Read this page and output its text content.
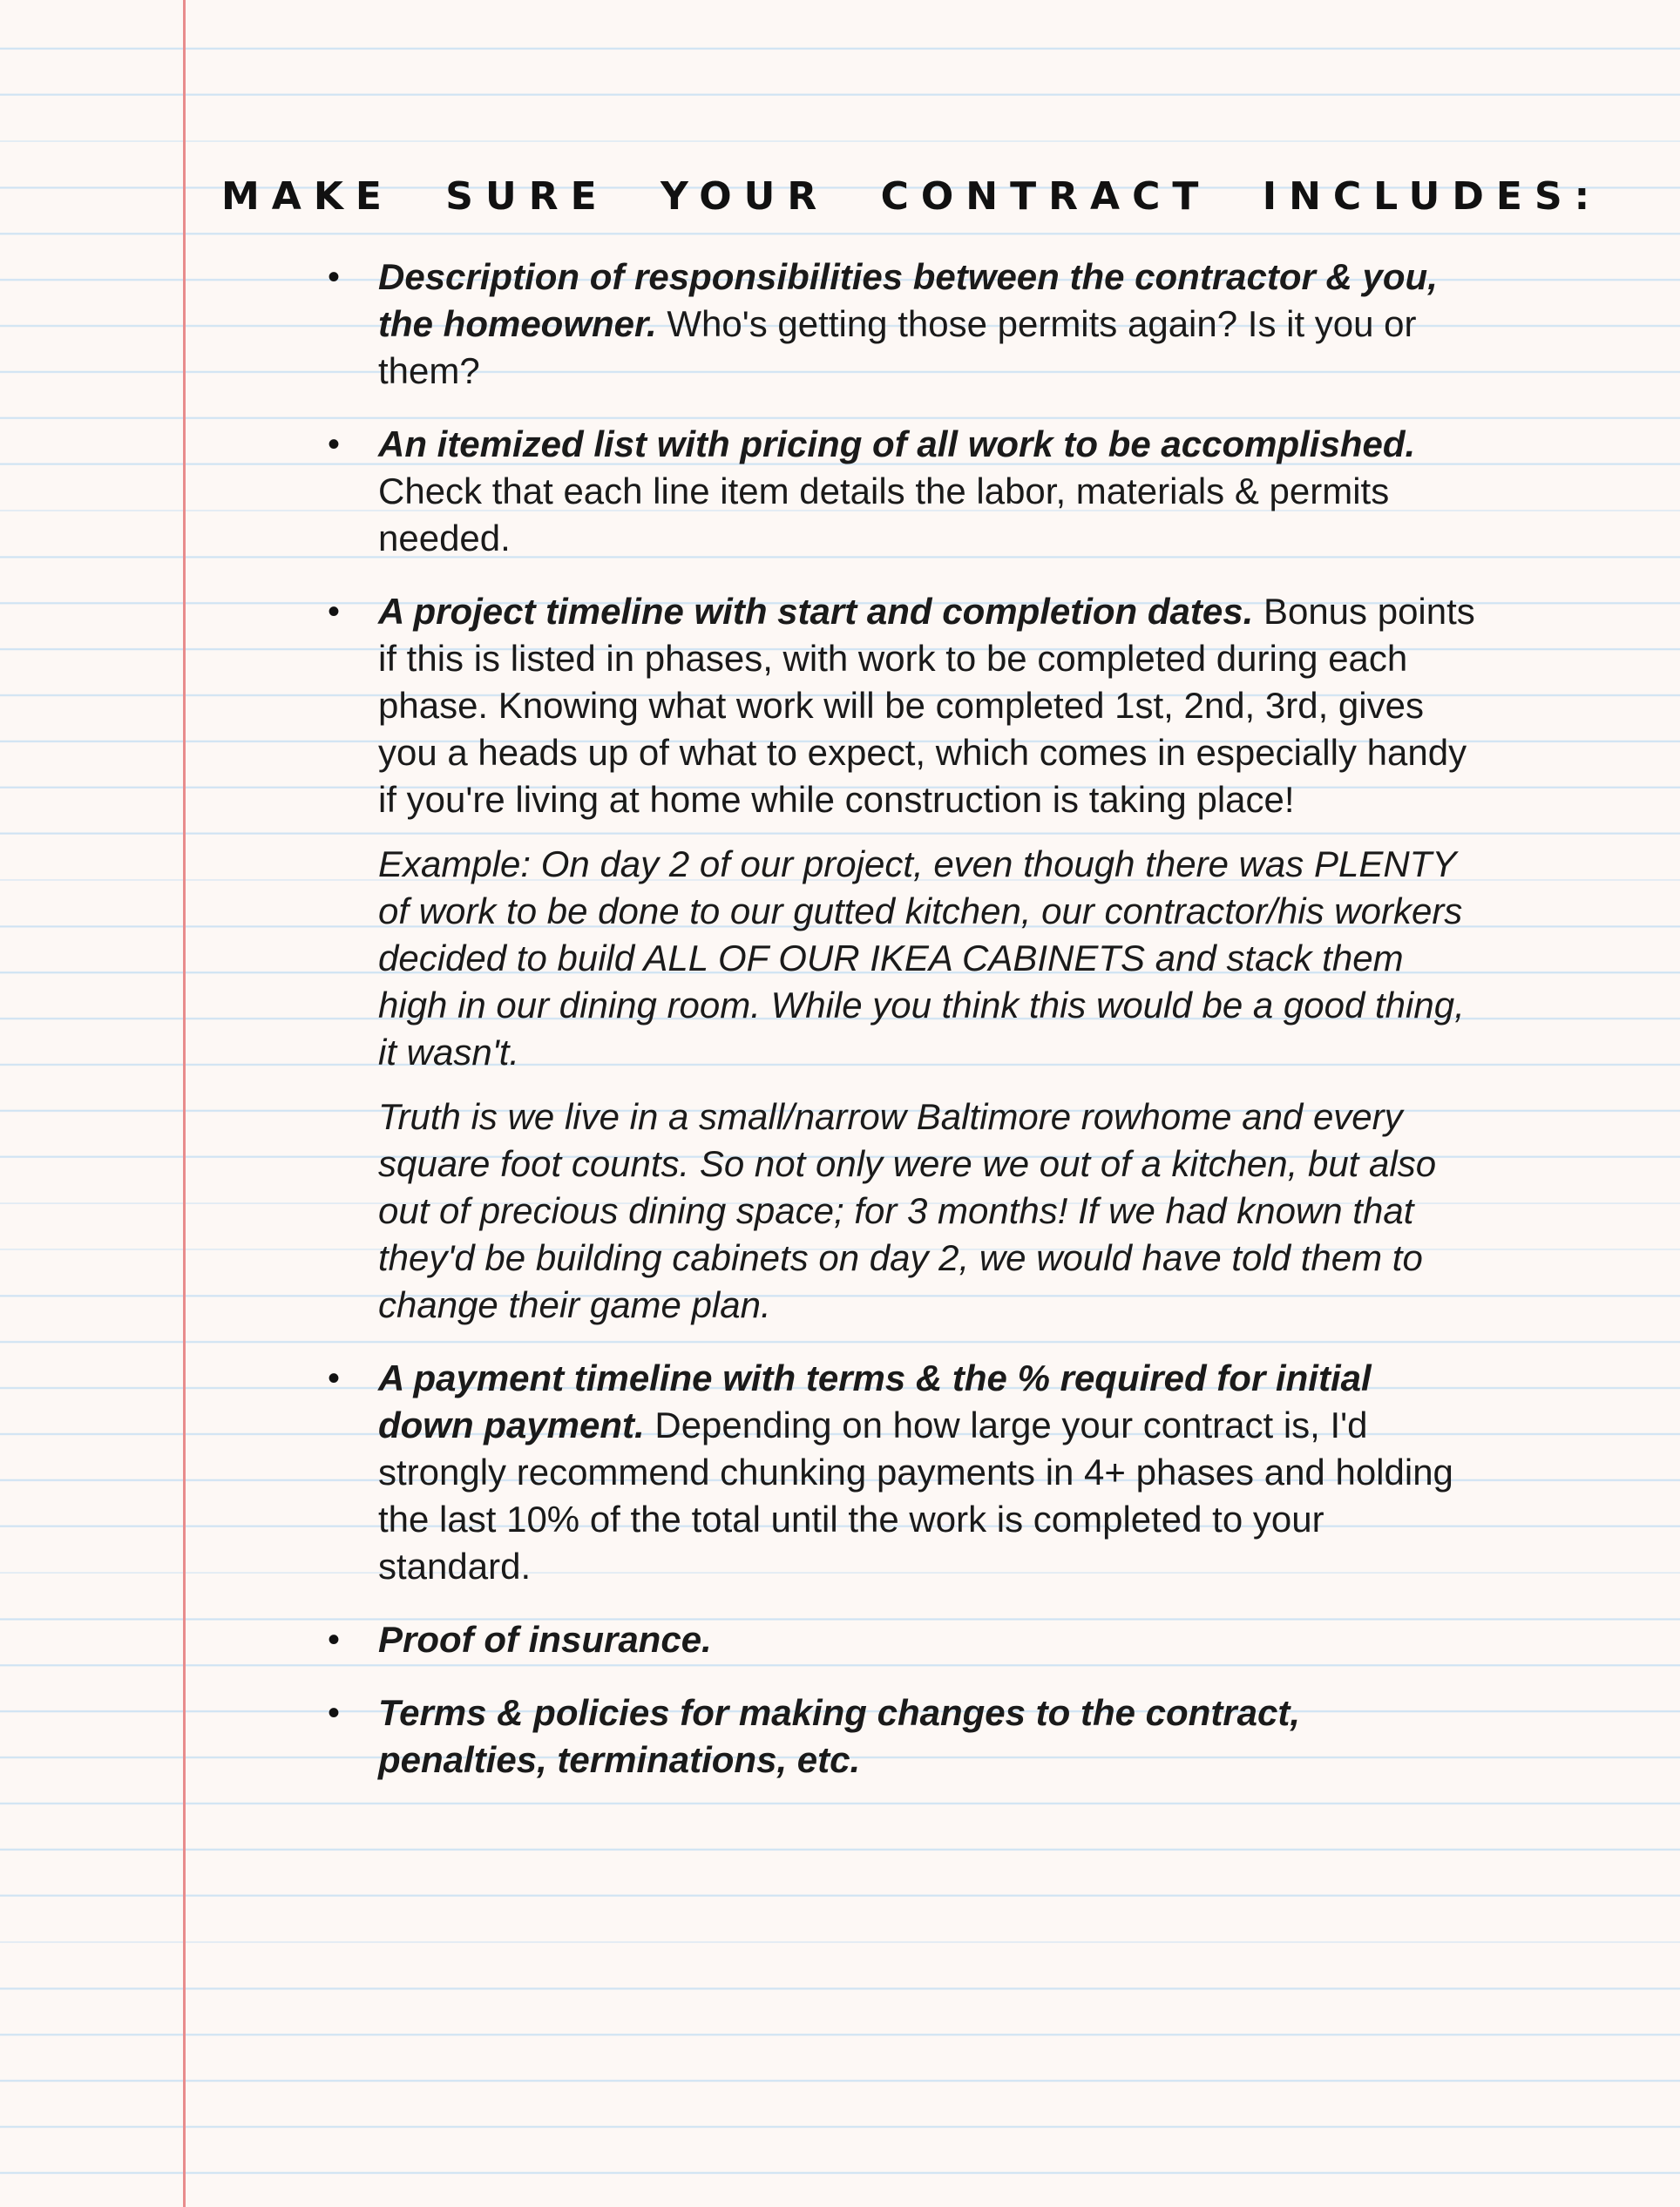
MAKE SURE YOUR CONTRACT INCLUDES:
• Description of responsibilities between the contractor & you, the homeowner. Who's getting those permits again? Is it you or them?
• An itemized list with pricing of all work to be accomplished. Check that each line item details the labor, materials & permits needed.
• A project timeline with start and completion dates. Bonus points if this is listed in phases, with work to be completed during each phase. Knowing what work will be completed 1st, 2nd, 3rd, gives you a heads up of what to expect, which comes in especially handy if you're living at home while construction is taking place!

Example: On day 2 of our project, even though there was PLENTY of work to be done to our gutted kitchen, our contractor/his workers decided to build ALL OF OUR IKEA CABINETS and stack them high in our dining room. While you think this would be a good thing, it wasn't.

Truth is we live in a small/narrow Baltimore rowhome and every square foot counts. So not only were we out of a kitchen, but also out of precious dining space; for 3 months! If we had known that they'd be building cabinets on day 2, we would have told them to change their game plan.

• A payment timeline with terms & the % required for initial down payment. Depending on how large your contract is, I'd strongly recommend chunking payments in 4+ phases and holding the last 10% of the total until the work is completed to your standard.
• Proof of insurance.
• Terms & policies for making changes to the contract, penalties, terminations, etc.
